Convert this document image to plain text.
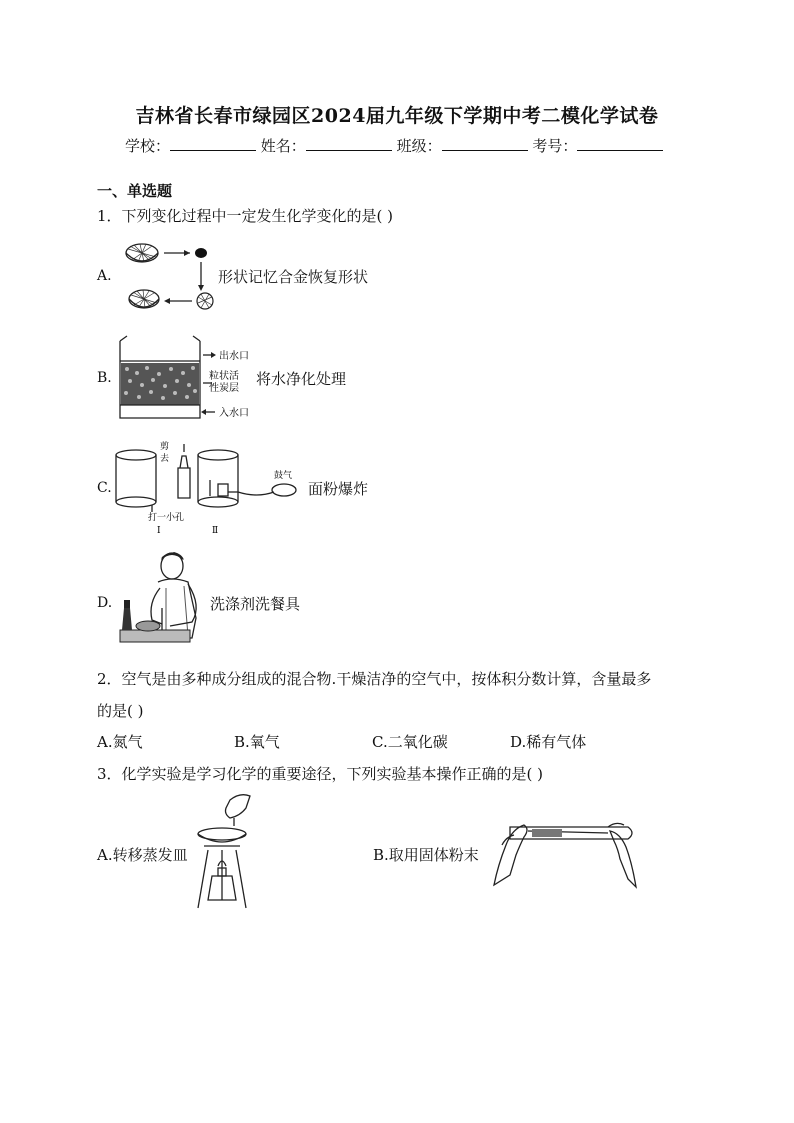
吉林省长春市绿园区2024届九年级下学期中考二模化学试卷
学校：	姓名：	班级：	考号：
一、单选题
1．下列变化过程中一定发生化学变化的是( )
A.	形状记忆合金恢复形状
B.
出水口
粒状活
性炭层
入水口
将水净化处理
C.
剪
去
打一小孔
Ⅰ
鼓气
Ⅱ
面粉爆炸
D.	洗涤剂洗餐具
2．空气是由多种成分组成的混合物.干燥洁净的空气中，按体积分数计算，含量最多
的是( )
A.氮气	B.氧气	C.二氧化碳	D.稀有气体
3．化学实验是学习化学的重要途径，下列实验基本操作正确的是( )
A.转移蒸发皿	B.取用固体粉末
